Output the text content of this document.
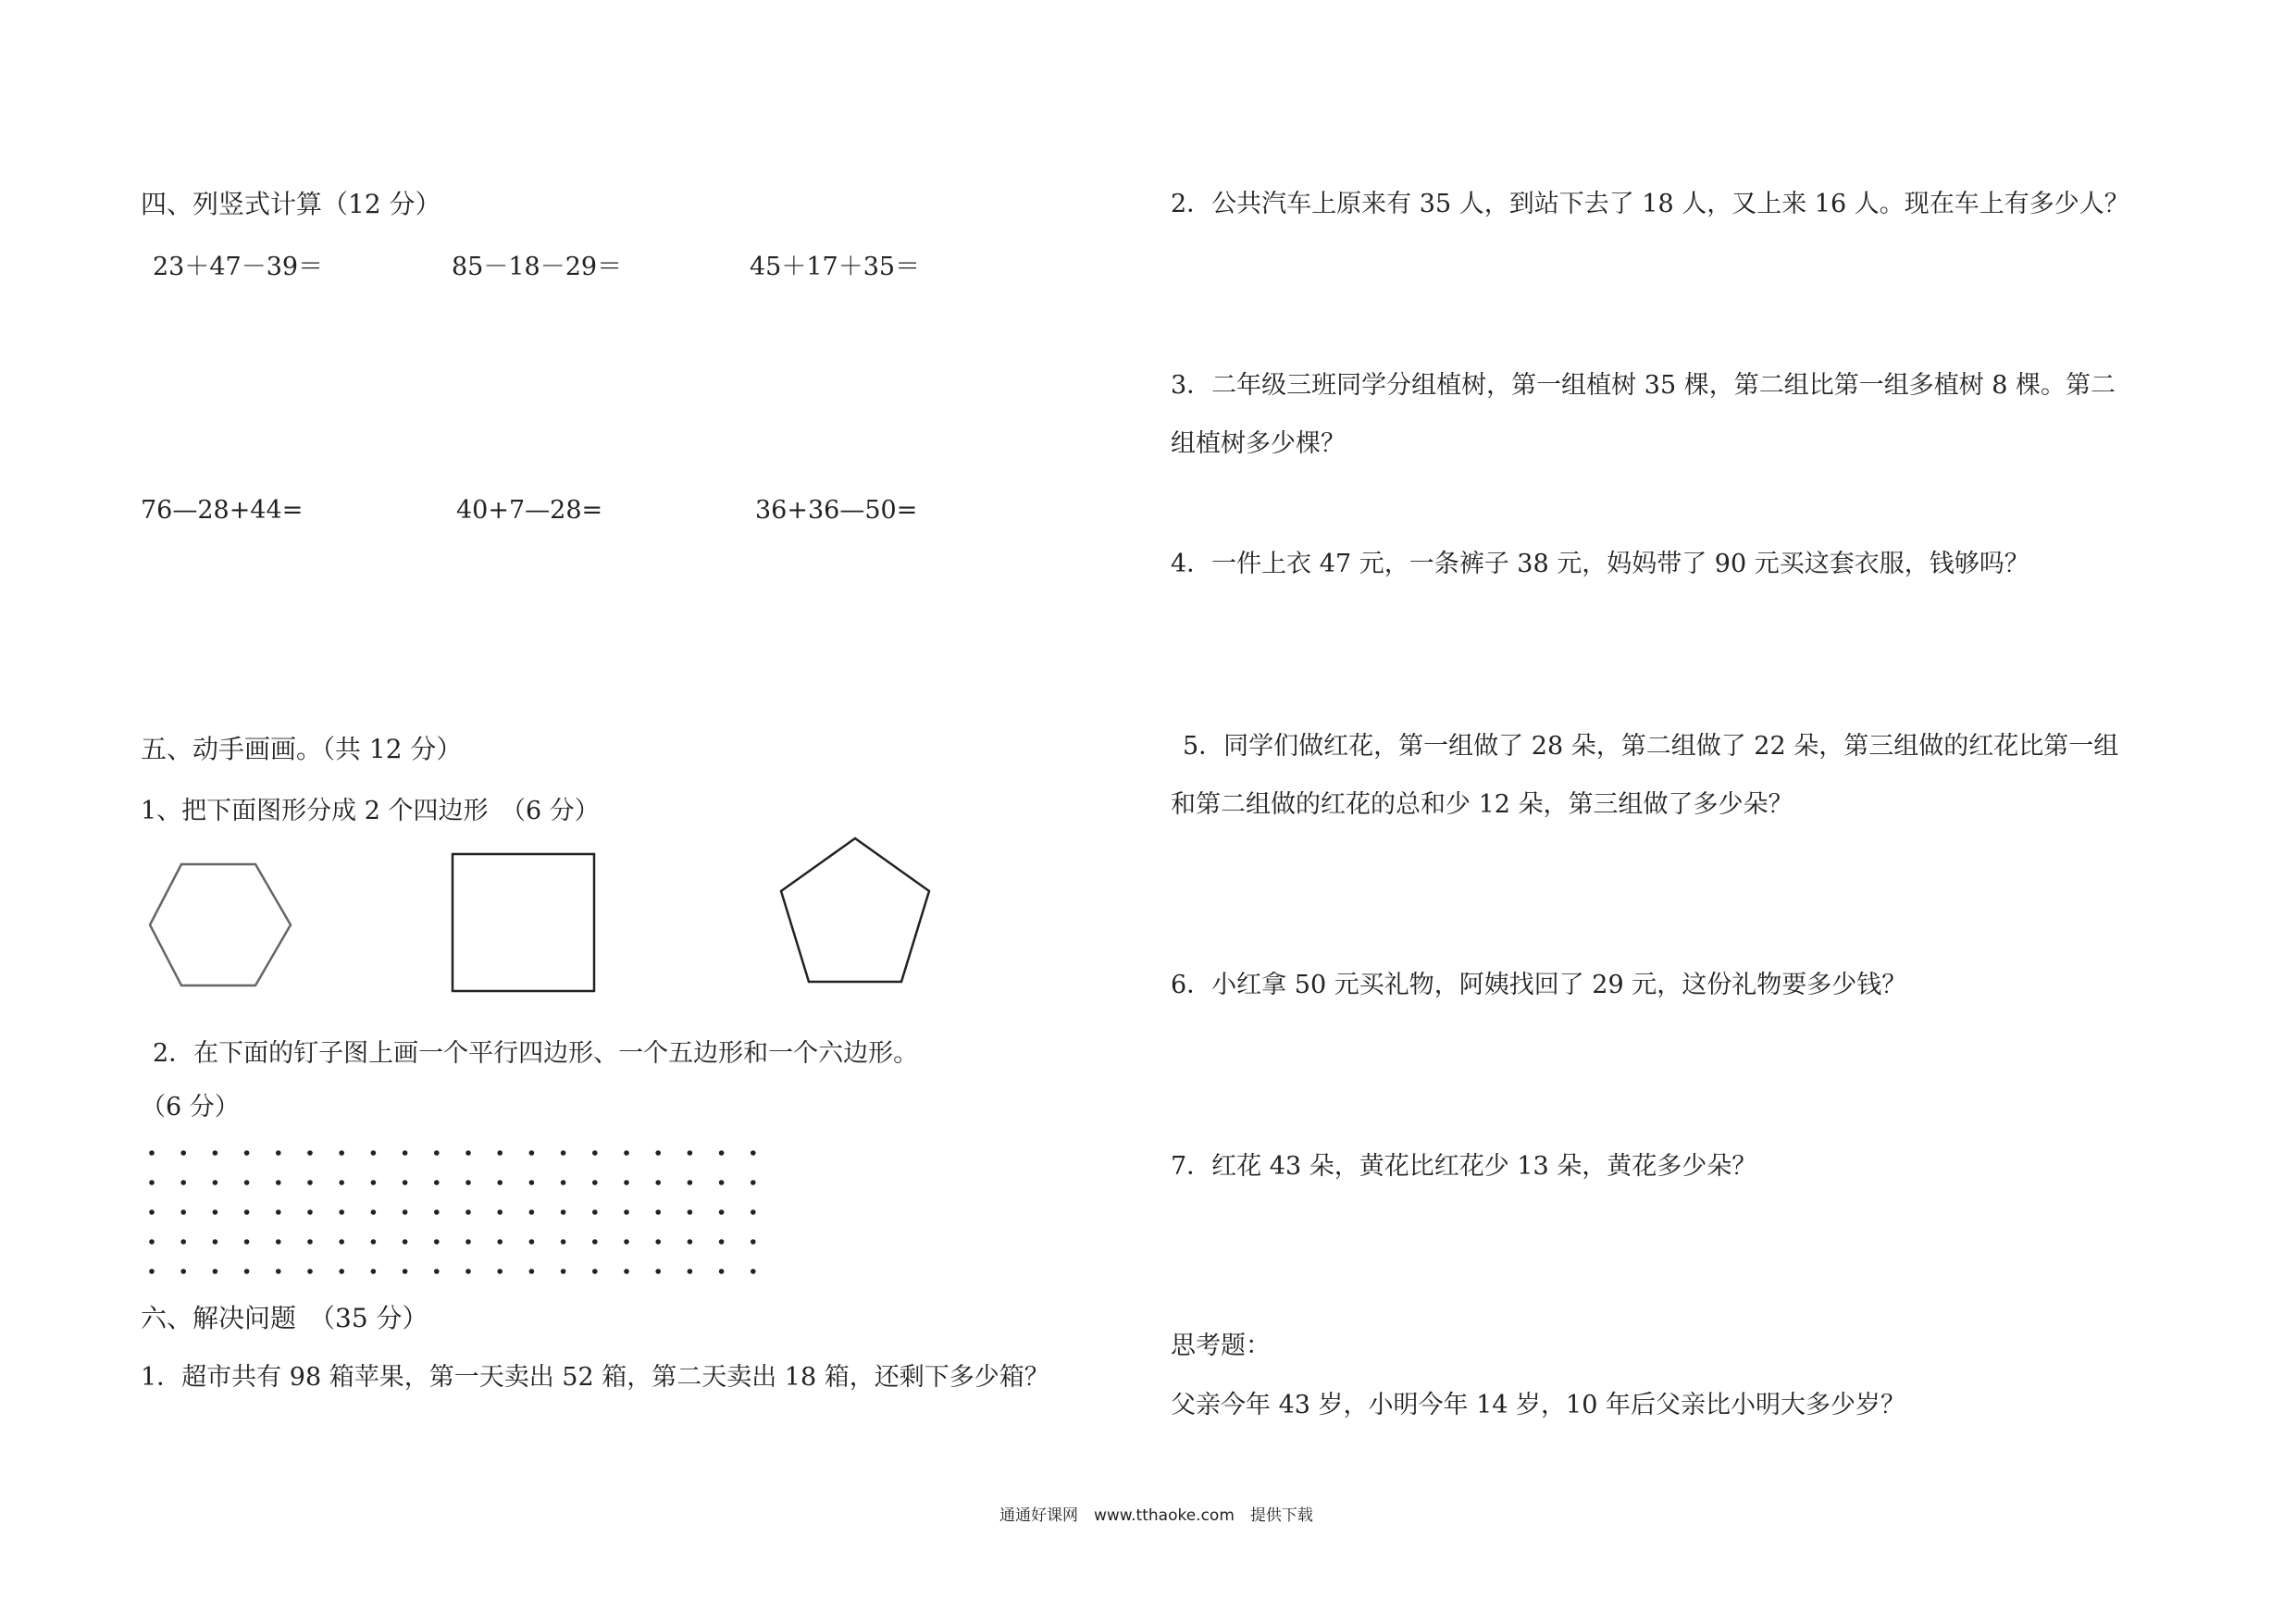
四、列竖式计算（12 分）
23＋47－39＝	85－18－29＝	45＋17＋35＝
76—28+44=	40+7—28=	36+36—50=
五、动手画画。（共 12 分）
1、把下面图形分成 2 个四边形　（6 分）
2．在下面的钉子图上画一个平行四边形、一个五边形和一个六边形。
（6 分）
六、解决问题　（35 分）
1．超市共有 98 箱苹果，第一天卖出 52 箱，第二天卖出 18 箱，还剩下多少箱？
2．公共汽车上原来有 35 人，到站下去了 18 人，又上来 16 人。现在车上有多少人？
3．二年级三班同学分组植树，第一组植树 35 棵，第二组比第一组多植树 8 棵。第二
组植树多少棵？
4．一件上衣 47 元，一条裤子 38 元，妈妈带了 90 元买这套衣服，钱够吗？
5．同学们做红花，第一组做了 28 朵，第二组做了 22 朵，第三组做的红花比第一组
和第二组做的红花的总和少 12 朵，第三组做了多少朵？
6．小红拿 50 元买礼物，阿姨找回了 29 元，这份礼物要多少钱？
7．红花 43 朵，黄花比红花少 13 朵，黄花多少朵？
思考题：
父亲今年 43 岁，小明今年 14 岁，10 年后父亲比小明大多少岁？
通通好课网　www.tthaoke.com　提供下载
